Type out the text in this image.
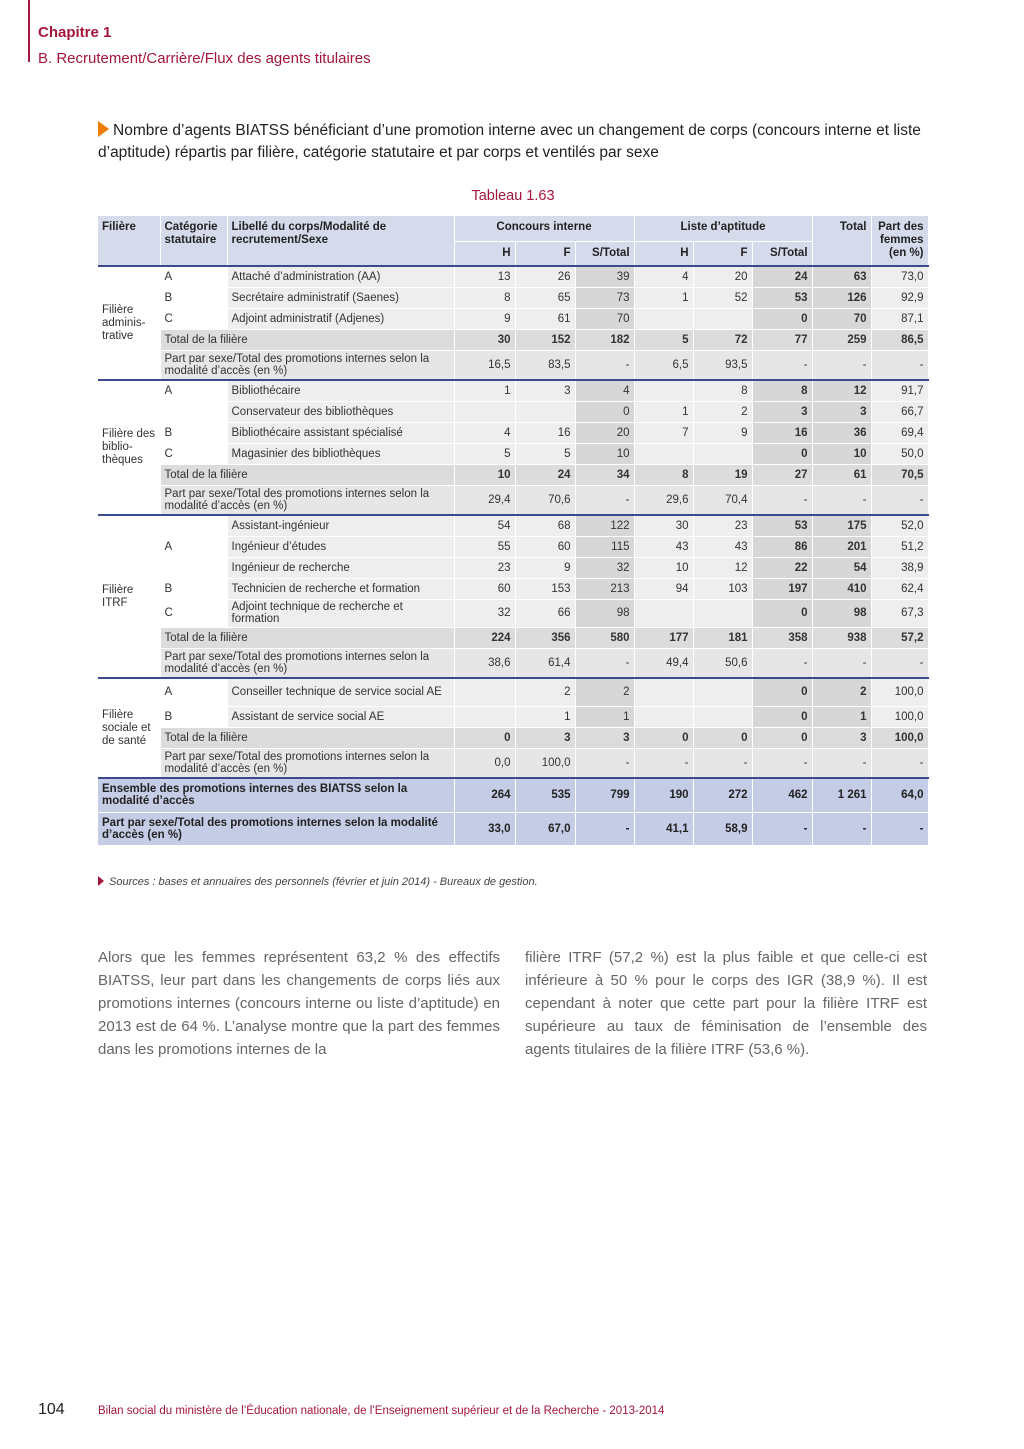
Chapitre 1
B. Recrutement/Carrière/Flux des agents titulaires
Nombre d’agents BIATSS bénéficiant d’une promotion interne avec un changement de corps (concours interne et liste d’aptitude) répartis par filière, catégorie statutaire et par corps et ventilés par sexe
Tableau 1.63
Filière	Catégorie statutaire	Libellé du corps/Modalité de recrutement/Sexe	Concours interne			Liste d’aptitude			Total	Part des femmes (en %)
			H	F	S/Total	H	F	S/Total		
Filière adminis-trative	A	Attaché d’administration (AA)	13	26	39	4	20	24	63	73,0
	B	Secrétaire administratif (Saenes)	8	65	73	1	52	53	126	92,9
	C	Adjoint administratif (Adjenes)	9	61	70			0	70	87,1
	Total de la filière		30	152	182	5	72	77	259	86,5
	Part par sexe/Total des promotions internes selon la modalité d’accès (en %)		16,5	83,5	-	6,5	93,5	-	-	-
Filière des biblio-thèques	A	Bibliothécaire	1	3	4		8	8	12	91,7
		Conservateur des bibliothèques			0	1	2	3	3	66,7
	B	Bibliothécaire assistant spécialisé	4	16	20	7	9	16	36	69,4
	C	Magasinier des bibliothèques	5	5	10			0	10	50,0
	Total de la filière		10	24	34	8	19	27	61	70,5
	Part par sexe/Total des promotions internes selon la modalité d’accès (en %)		29,4	70,6	-	29,6	70,4	-	-	-
Filière ITRF		Assistant-ingénieur	54	68	122	30	23	53	175	52,0
	A	Ingénieur d’études	55	60	115	43	43	86	201	51,2
		Ingénieur de recherche	23	9	32	10	12	22	54	38,9
	B	Technicien de recherche et formation	60	153	213	94	103	197	410	62,4
	C	Adjoint technique de recherche et formation	32	66	98			0	98	67,3
	Total de la filière		224	356	580	177	181	358	938	57,2
	Part par sexe/Total des promotions internes selon la modalité d’accès (en %)		38,6	61,4	-	49,4	50,6	-	-	-
Filière sociale et de santé	A	Conseiller technique de service social AE		2	2			0	2	100,0
	B	Assistant de service social AE		1	1			0	1	100,0
	Total de la filière		0	3	3	0	0	0	3	100,0
	Part par sexe/Total des promotions internes selon la modalité d’accès (en %)		0,0	100,0	-	-	-	-	-	-
Ensemble des promotions internes des BIATSS selon la modalité d’accès			264	535	799	190	272	462	1 261	64,0
Part par sexe/Total des promotions internes selon la modalité d’accès (en %)			33,0	67,0	-	41,1	58,9	-	-	-
Sources : bases et annuaires des personnels (février et juin 2014) - Bureaux de gestion.
Alors que les femmes représentent 63,2 % des effectifs BIATSS, leur part dans les changements de corps liés aux promotions internes (concours interne ou liste d’aptitude) en 2013 est de 64 %. L’analyse montre que la part des femmes dans les promotions internes de la
filière ITRF (57,2 %) est la plus faible et que celle-ci est inférieure à 50 % pour le corps des IGR (38,9 %). Il est cependant à noter que cette part pour la filière ITRF est supérieure au taux de féminisation de l’ensemble des agents titulaires de la filière ITRF (53,6 %).
104	Bilan social du ministère de l’Éducation nationale, de l’Enseignement supérieur et de la Recherche - 2013-2014
